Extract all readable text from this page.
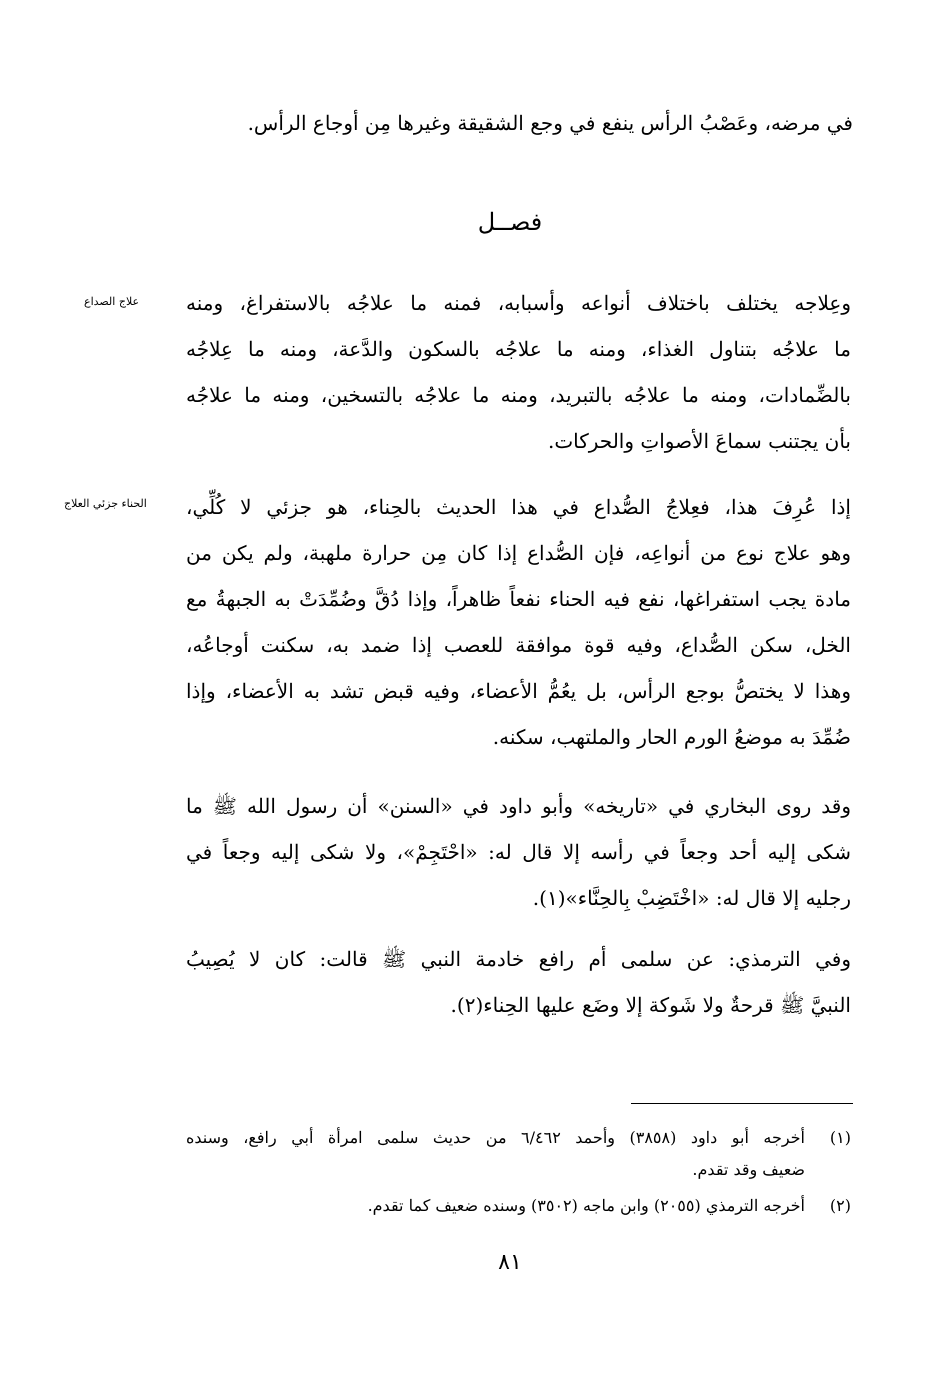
في مرضه، وعَصْبُ الرأس ينفع في وجع الشقيقة وغيرها مِن أوجاع الرأس.
فصــل
علاج الصداع وعِلاجه يختلف باختلاف أنواعه وأسبابه، فمنه ما علاجُه بالاستفراغ، ومنه
ما علاجُه بتناول الغذاء، ومنه ما علاجُه بالسكون والدَّعة، ومنه ما عِلاجُه
بالضِّمادات، ومنه ما علاجُه بالتبريد، ومنه ما علاجُه بالتسخين، ومنه ما علاجُه
بأن يجتنب سماعَ الأصواتِ والحركات.
الحناء جزئي العلاج	إذا عُرِفَ هذا، فعِلاجُ الصُّداع في هذا الحديث بالحِناء، هو جزئي لا كُلِّي،
وهو علاج نوع من أنواعِه، فإن الصُّداع إذا كان مِن حرارة ملهبة، ولم يكن من
مادة يجب استفراغها، نفع فيه الحناء نفعاً ظاهراً، وإذا دُقَّ وضُمِّدَتْ به الجبهةُ مع
الخل، سكن الصُّداع، وفيه قوة موافقة للعصب إذا ضمد به، سكنت أوجاعُه،
وهذا لا يختصُّ بوجع الرأس، بل يعُمُّ الأعضاء، وفيه قبض تشد به الأعضاء، وإذا
ضُمِّدَ به موضعُ الورم الحار والملتهب، سكنه.
وقد روى البخاري في «تاريخه» وأبو داود في «السنن» أن رسول الله ﷺ ما
شكى إليه أحد وجعاً في رأسه إلا قال له: «احْتَجِمْ»، ولا شكى إليه وجعاً في
رجليه إلا قال له: «اخْتَضِبْ بِالحِنَّاء»(١).
وفي الترمذي: عن سلمى أم رافع خادمة النبي ﷺ قالت: كان لا يُصِيبُ
النبيَّ ﷺ قرحةٌ ولا شَوكة إلا وضَع عليها الحِناء(٢).
(١)أخرجه أبو داود (٣٨٥٨) وأحمد ٦/٤٦٢ من حديث سلمى امرأة أبي رافع، وسنده
ضعيف وقد تقدم.
(٢)أخرجه الترمذي (٢٠٥٥) وابن ماجه (٣٥٠٢) وسنده ضعيف كما تقدم.
٨١
